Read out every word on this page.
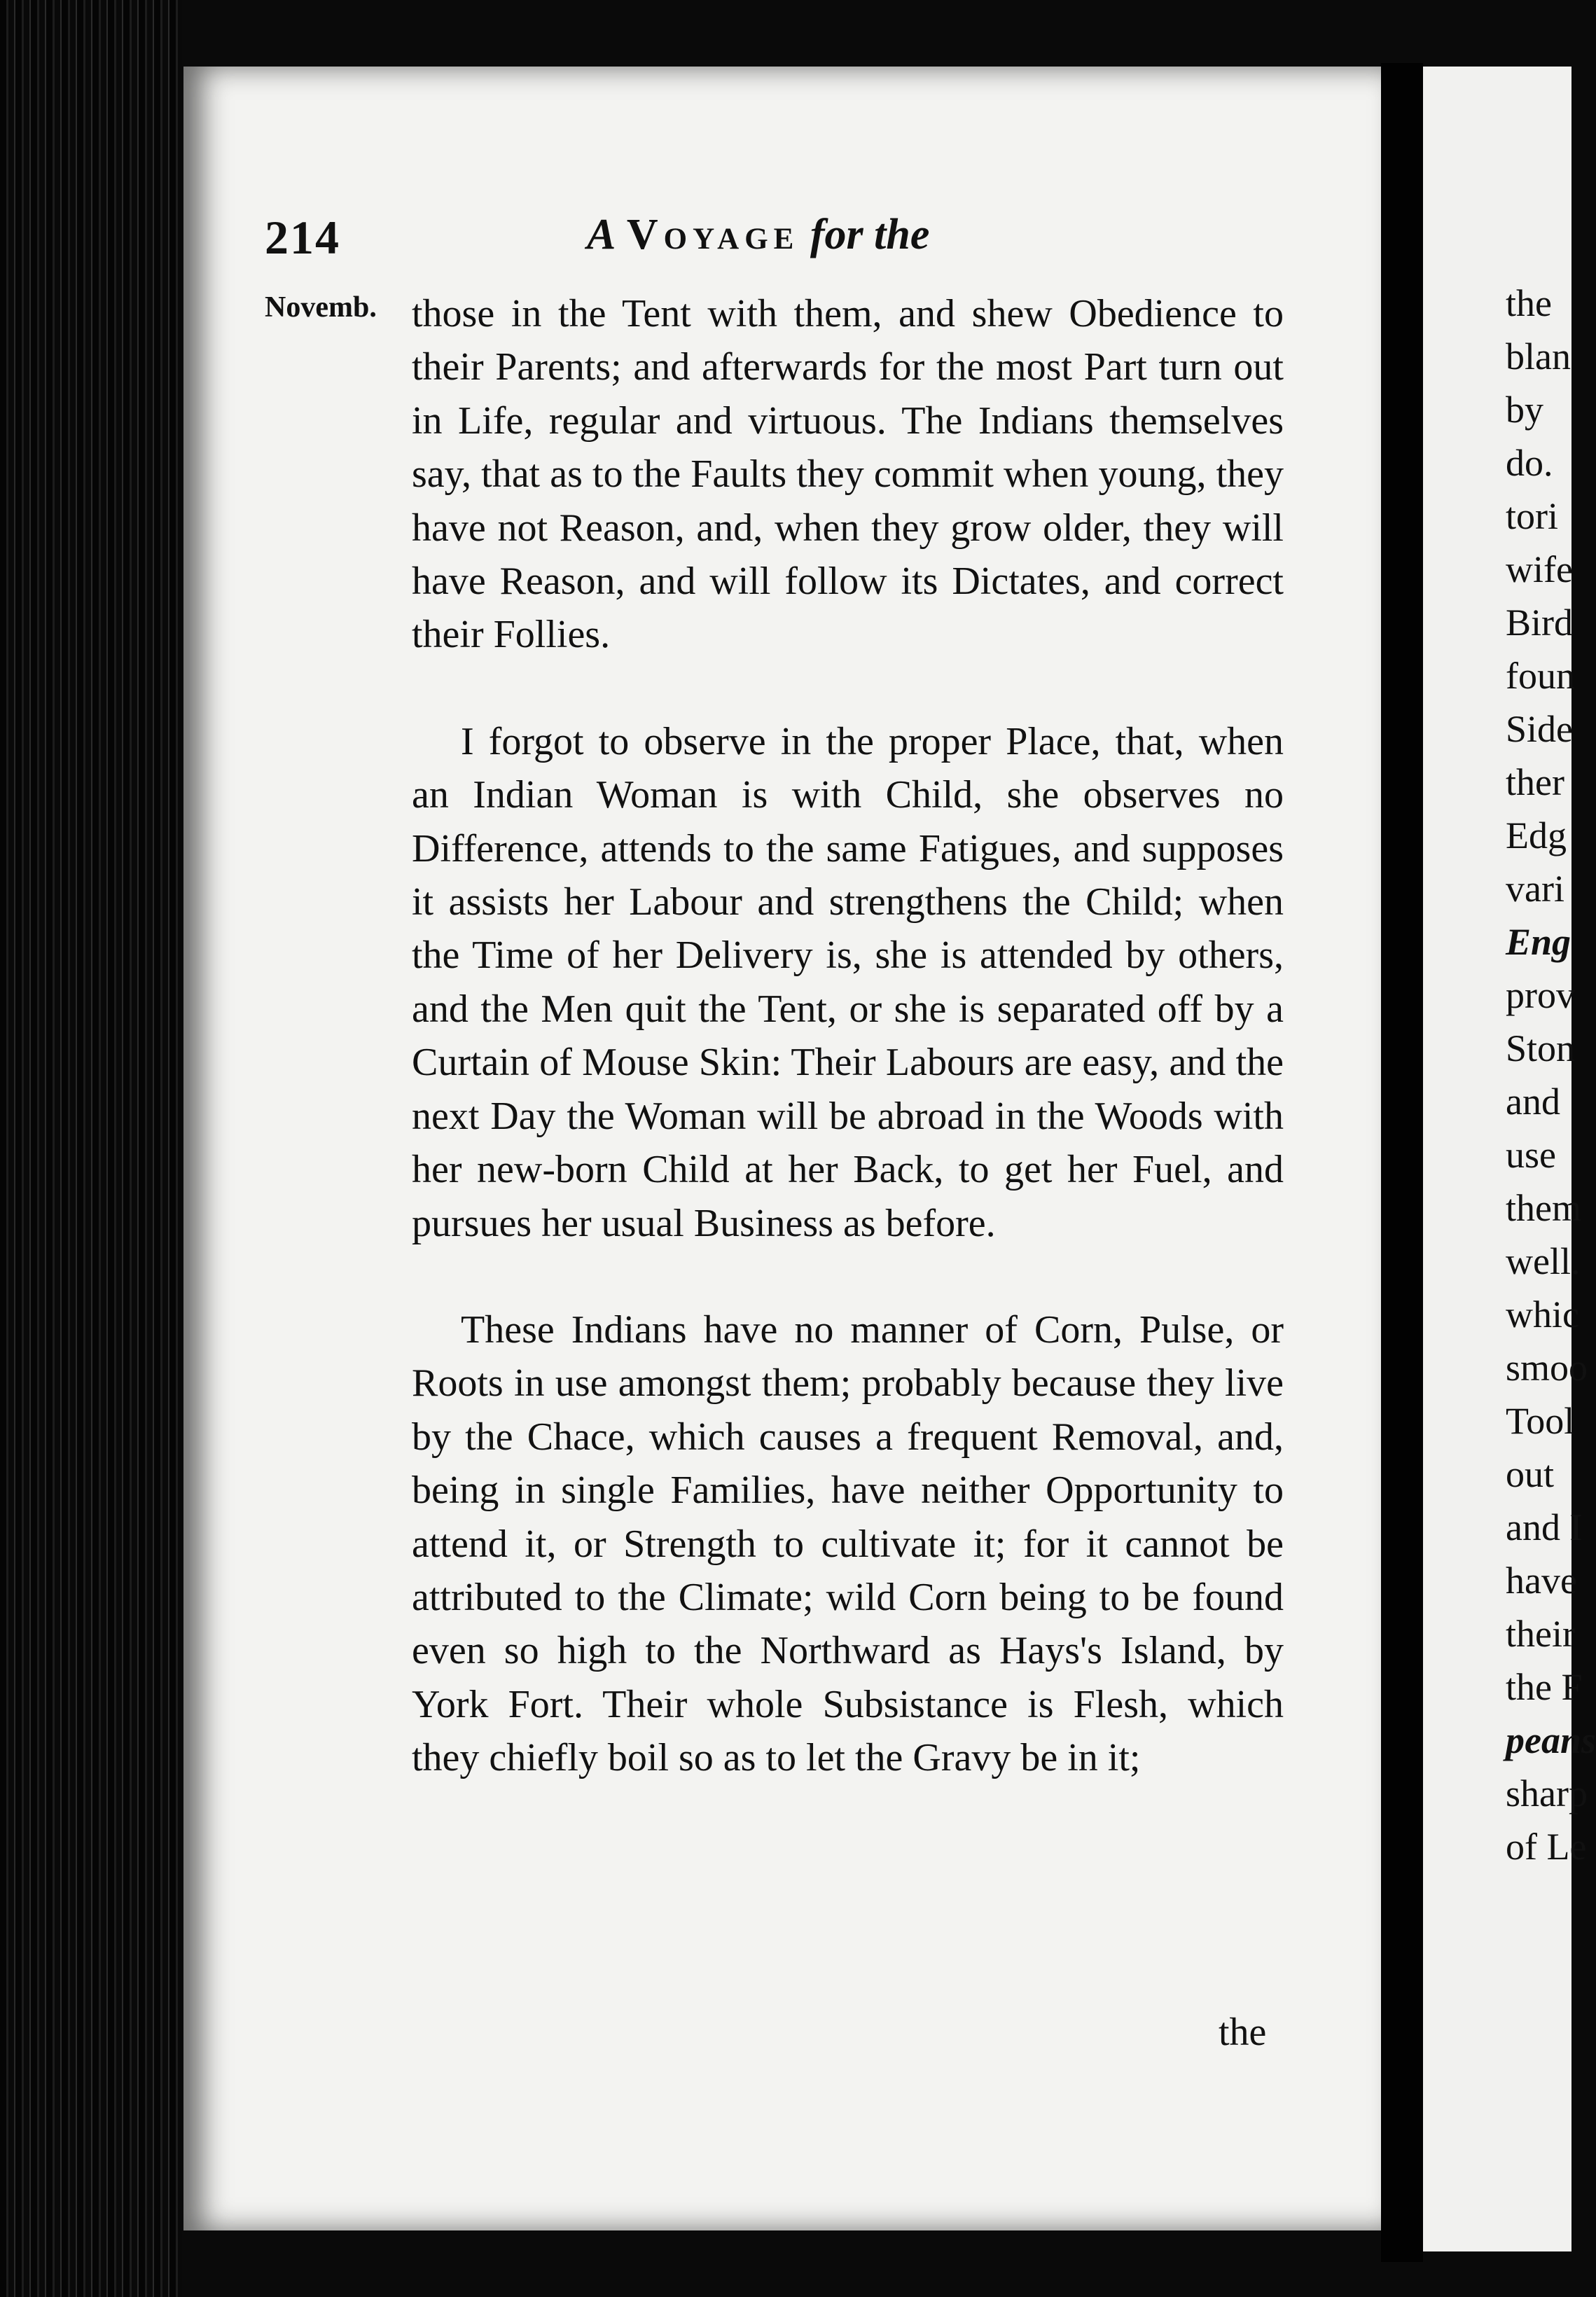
214	A Voyage for the
Novemb. those in the Tent with them, and shew Obedience to their Parents; and afterwards for the most Part turn out in Life, regular and virtuous. The Indians themselves say, that as to the Faults they commit when young, they have not Reason, and, when they grow older, they will have Reason, and will follow its Dictates, and correct their Follies.

I forgot to observe in the proper Place, that, when an Indian Woman is with Child, she observes no Difference, attends to the same Fatigues, and supposes it assists her Labour and strengthens the Child; when the Time of her Delivery is, she is attended by others, and the Men quit the Tent, or she is separated off by a Curtain of Mouse Skin: Their Labours are easy, and the next Day the Woman will be abroad in the Woods with her new-born Child at her Back, to get her Fuel, and pursues her usual Business as before.

These Indians have no manner of Corn, Pulse, or Roots in use amongst them; probably because they live by the Chace, which causes a frequent Removal, and, being in single Families, have neither Opportunity to attend it, or Strength to cultivate it; for it cannot be attributed to the Climate; wild Corn being to be found even so high to the Northward as Hays's Island, by York Fort. Their whole Subsistance is Flesh, which they chiefly boil so as to let the Gravy be in it;

the
the
blan
by
do.
tori
wife
Bird
foun
Side
ther
Edg
vari
Eng
prov
Ston
and
use
them
well.
whic
smoo
Tool
out
and I
have
their
the F
peans
sharp
of Le
